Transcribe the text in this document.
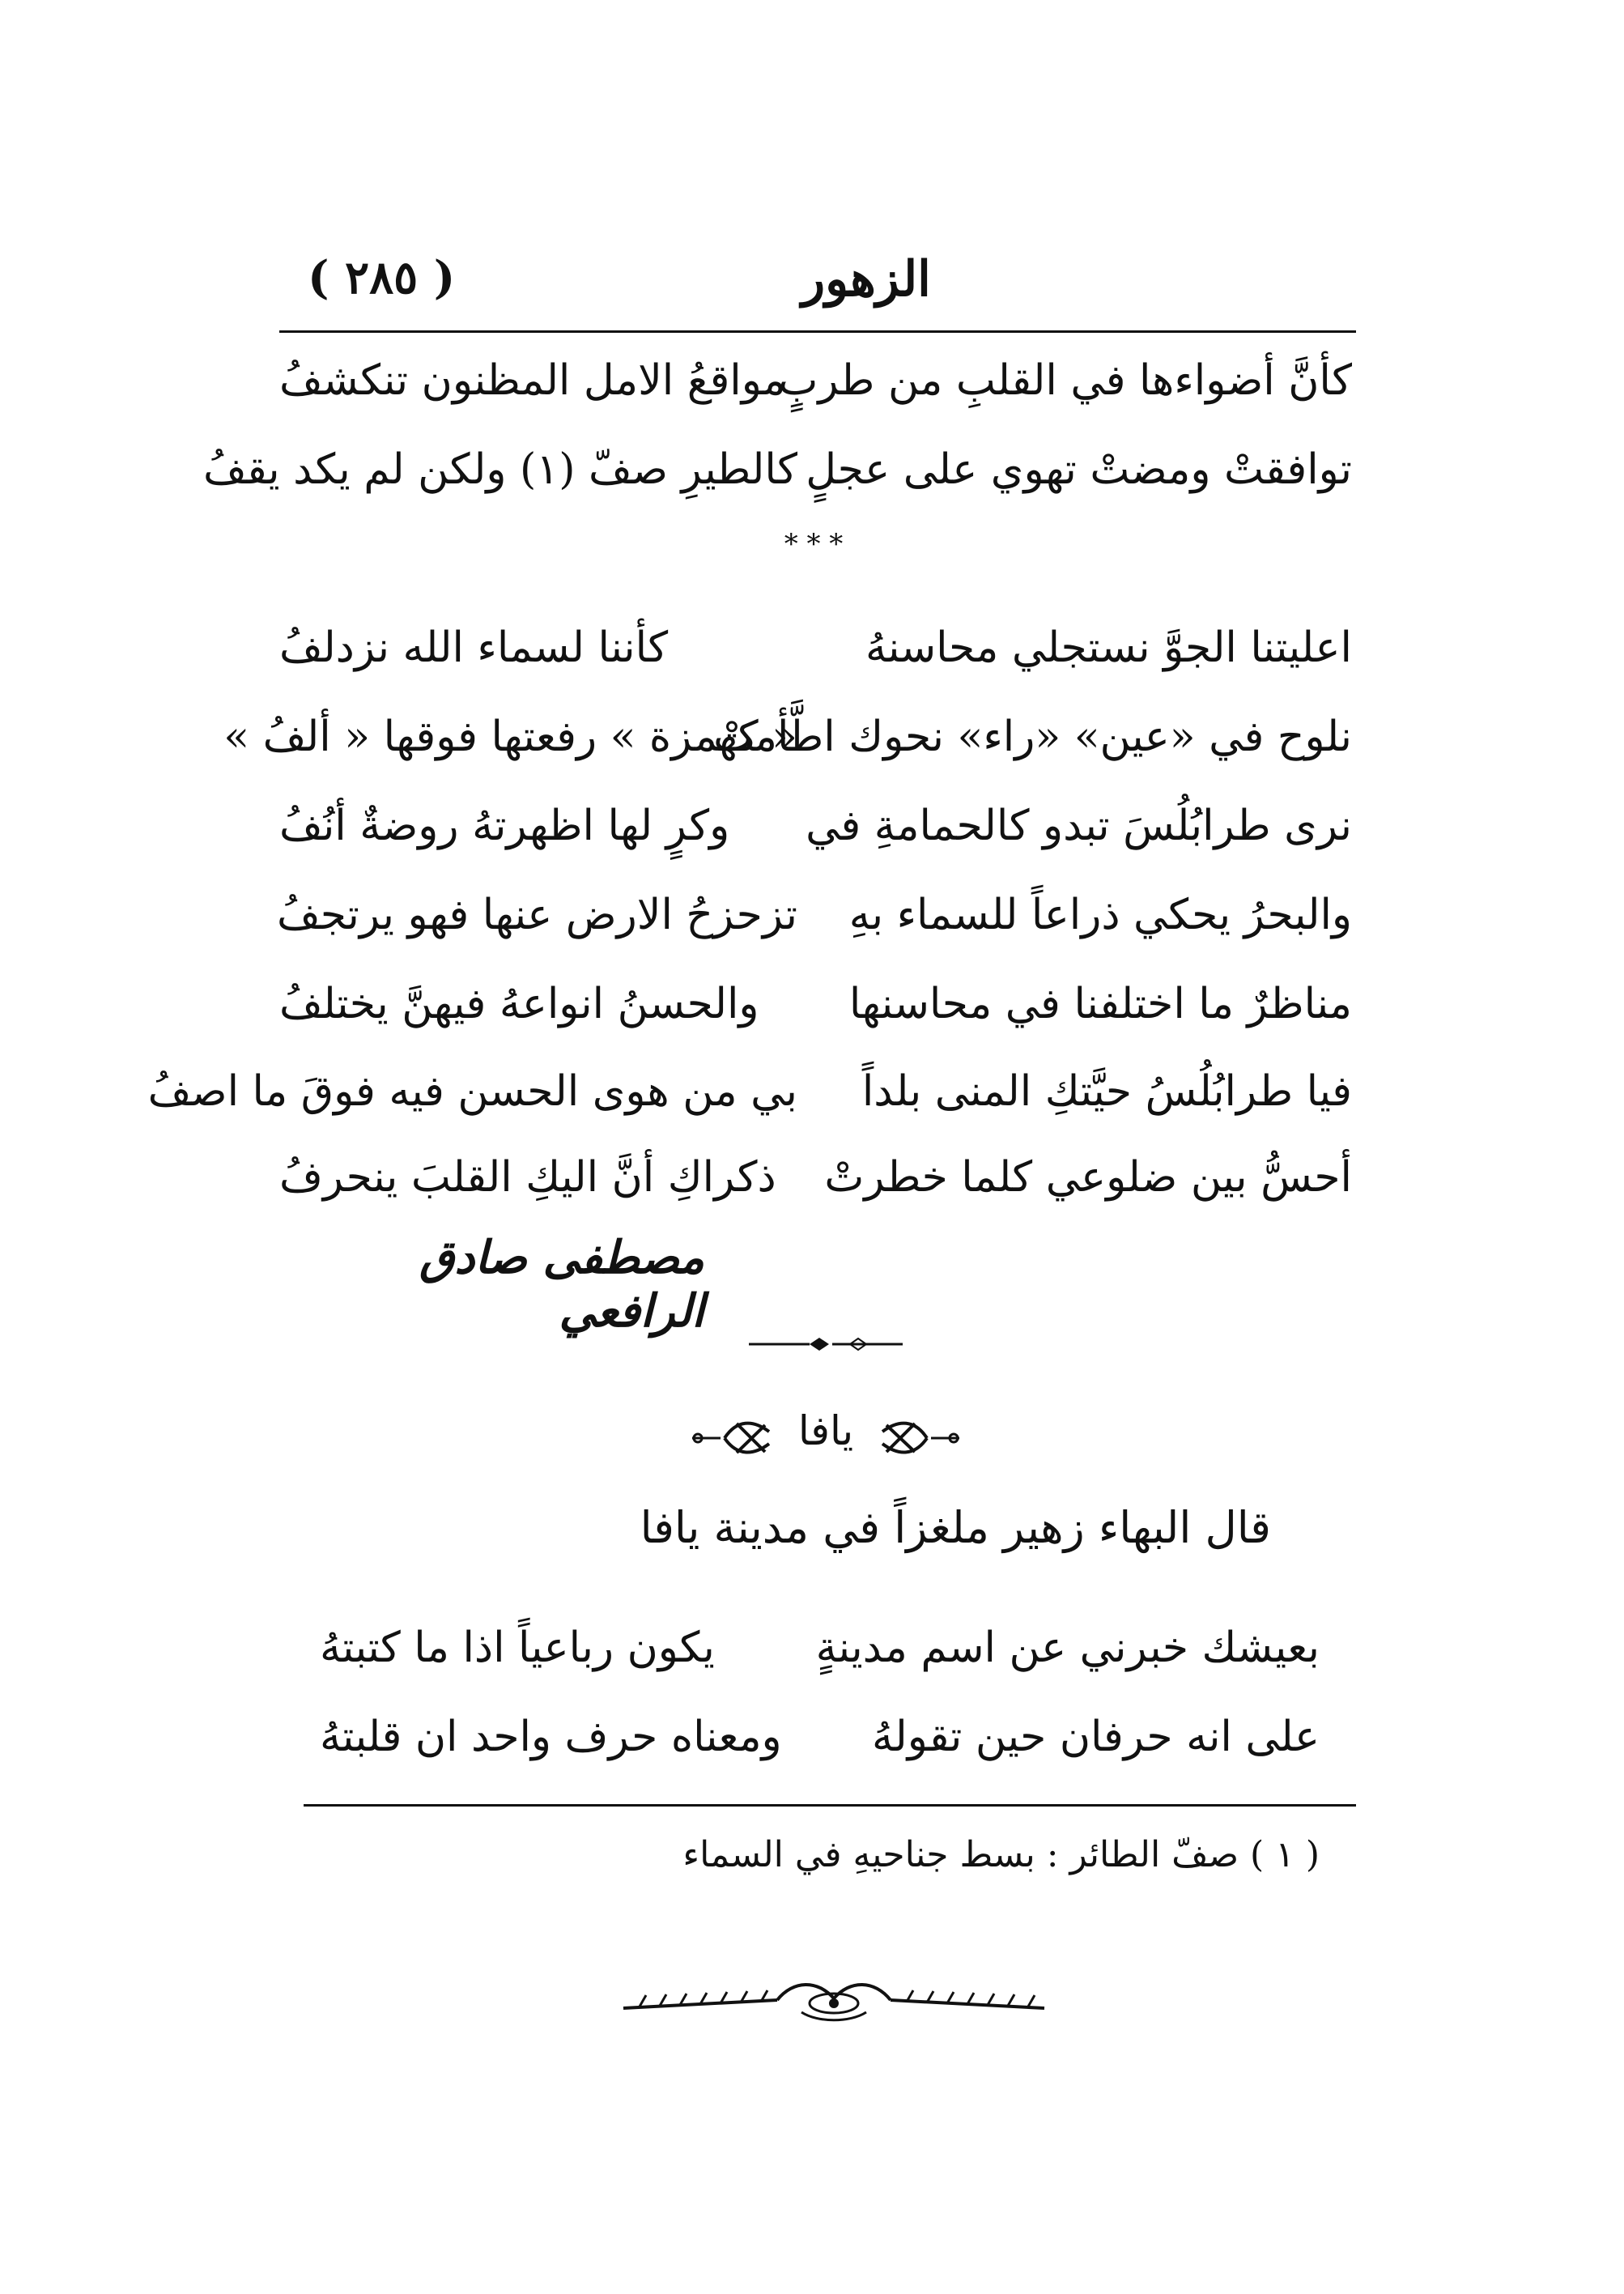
الزهور
( ٢٨٥ )
كأنَّ أضواءها في القلبِ من طربٍ
مواقعُ الامل المظنون تنكشفُ
توافقتْ ومضتْ تهوي على عجلٍ
كالطيرِ صفّ (١) ولكن لم يكد يقفُ
* * *
اعليتنا الجوَّ نستجلي محاسنهُ
كأننا لسماء الله نزدلفُ
نلوح في «عين» «راء» نحوك اطَّأمتْ
« كهمزة » رفعتها فوقها « ألفُ »
نرى طرابُلُسَ تبدو كالحمامةِ في
وكرٍ لها اظهرتهُ روضةٌ أنُفُ
والبحرُ يحكي ذراعاً للسماء بهِ
تزحزحُ الارض عنها فهو يرتجفُ
مناظرٌ ما اختلفنا في محاسنها
والحسنُ انواعهُ فيهنَّ يختلفُ
فيا طرابُلُسُ حيَّتكِ المنى بلداً
بي من هوى الحسن فيه فوقَ ما اصفُ
أحسُّ بين ضلوعي كلما خطرتْ
ذكراكِ أنَّ اليكِ القلبَ ينحرفُ
مصطفى صادق الرافعي
يافا
قال البهاء زهير ملغزاً في مدينة يافا
بعيشك خبرني عن اسم مدينةٍ
يكون رباعياً اذا ما كتبتهُ
على انه حرفان حين تقولهُ
ومعناه حرف واحد ان قلبتهُ
( ١ ) صفّ الطائر : بسط جناحيهِ في السماء
